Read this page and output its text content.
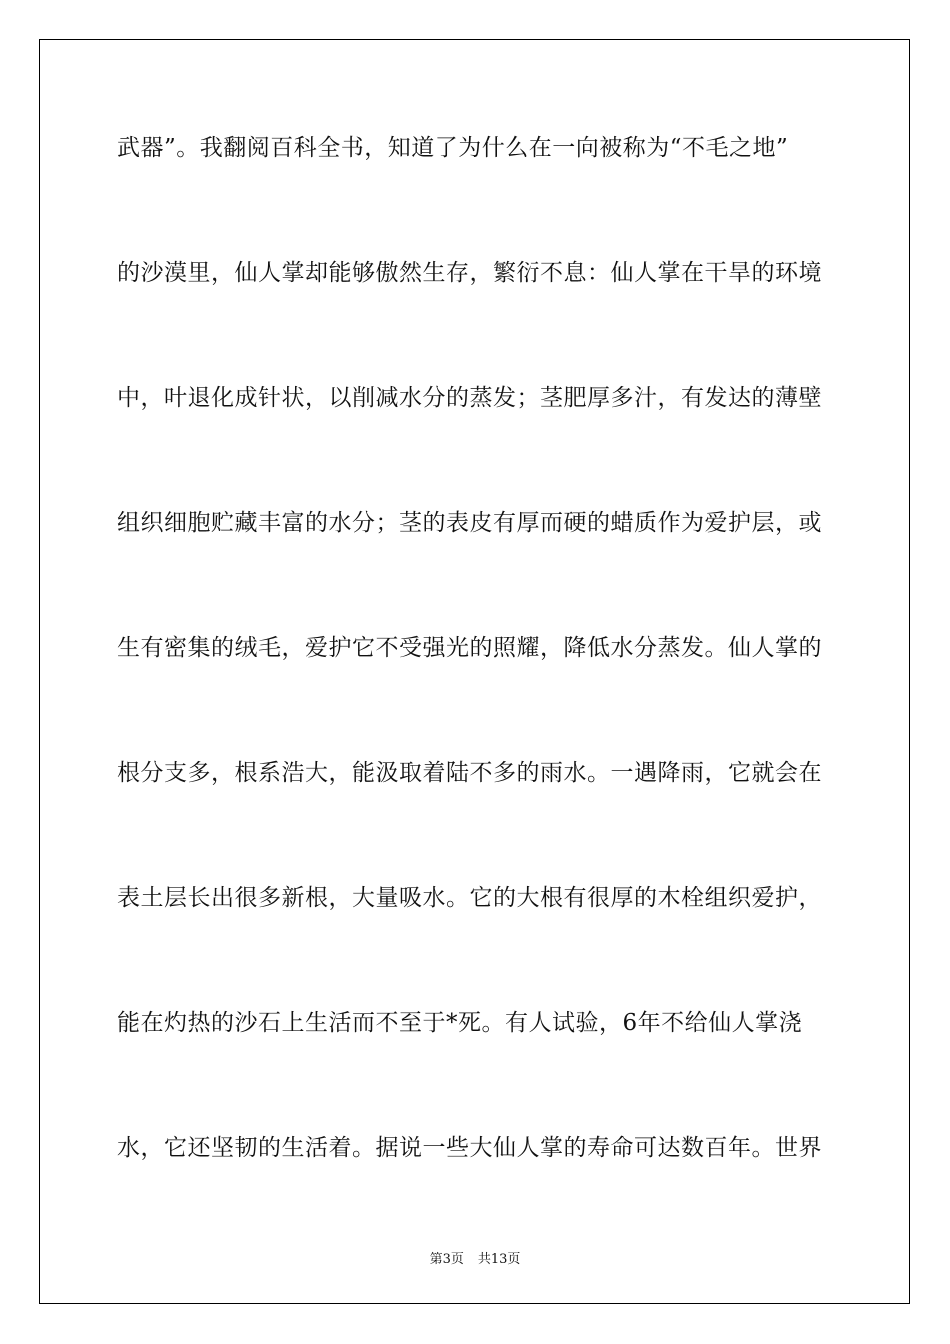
武器”。我翻阅百科全书，知道了为什么在一向被称为“不毛之地”

的沙漠里，仙人掌却能够傲然生存，繁衍不息：仙人掌在干旱的环境

中，叶退化成针状，以削减水分的蒸发；茎肥厚多汁，有发达的薄壁

组织细胞贮藏丰富的水分；茎的表皮有厚而硬的蜡质作为爱护层，或

生有密集的绒毛，爱护它不受强光的照耀，降低水分蒸发。仙人掌的

根分支多，根系浩大，能汲取着陆不多的雨水。一遇降雨，它就会在

表土层长出很多新根，大量吸水。它的大根有很厚的木栓组织爱护，

能在灼热的沙石上生活而不至于*死。有人试验，6年不给仙人掌浇

水，它还坚韧的生活着。据说一些大仙人掌的寿命可达数百年。世界

第3页 共13页
